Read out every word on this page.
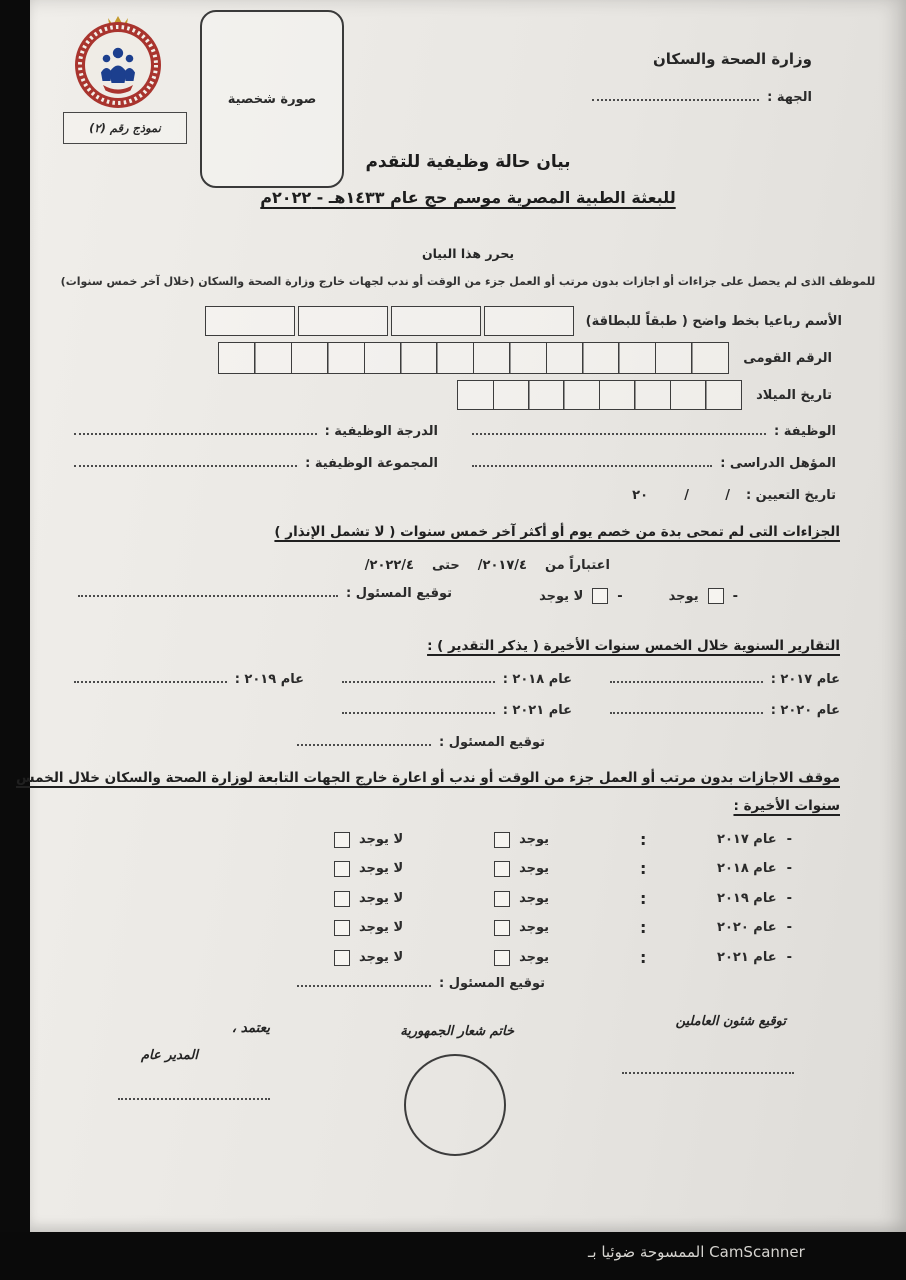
نموذج رقم (٢)
صورة شخصية
وزارة الصحة والسكان
الجهة :
بيان حالة وظيفية للتقدم
للبعثة الطبية المصرية موسم حج عام ١٤٣٣هـ - ٢٠٢٢م
يحرر هذا البيان
للموظف الذى لم يحصل على جزاءات أو اجازات بدون مرتب أو العمل جزء من الوقت أو ندب لجهات خارج وزارة الصحة والسكان (خلال آخر خمس سنوات)
الأسم رباعيا بخط واضح ( طبقاً للبطاقة)
الرقم القومى
تاريخ الميلاد
الوظيفة :
الدرجة الوظيفية :
المؤهل الدراسى :
المجموعة الوظيفية :
تاريخ التعيين :
/        /        ٢٠
الجزاءات التى لم تمحى بدة من خصم يوم أو أكثر آخر خمس سنوات ( لا تشمل الإنذار )
اعتباراً من
/٢٠١٧/٤
حتى
/٢٠٢٢/٤
-
يوجد
-
لا يوجد
توقيع المسئول :
التقارير السنوية خلال الخمس سنوات الأخيرة ( يذكر التقدير ) :
عام ٢٠١٧ :
عام ٢٠١٨ :
عام ٢٠١٩ :
عام ٢٠٢٠ :
عام ٢٠٢١ :
توقيع المسئول :
موقف الاجازات بدون مرتب أو العمل جزء من الوقت أو ندب أو اعارة خارج الجهات التابعة لوزارة الصحة والسكان خلال الخمس
سنوات الأخيرة :
-
عام ٢٠١٧
:
يوجد
لا يوجد
-
عام ٢٠١٨
:
يوجد
لا يوجد
-
عام ٢٠١٩
:
يوجد
لا يوجد
-
عام ٢٠٢٠
:
يوجد
لا يوجد
-
عام ٢٠٢١
:
يوجد
لا يوجد
توقيع المسئول :
توقيع شئون العاملين
خاتم شعار الجمهورية
يعتمد ،
المدير عام
الممسوحة ضوئيا بـ CamScanner
